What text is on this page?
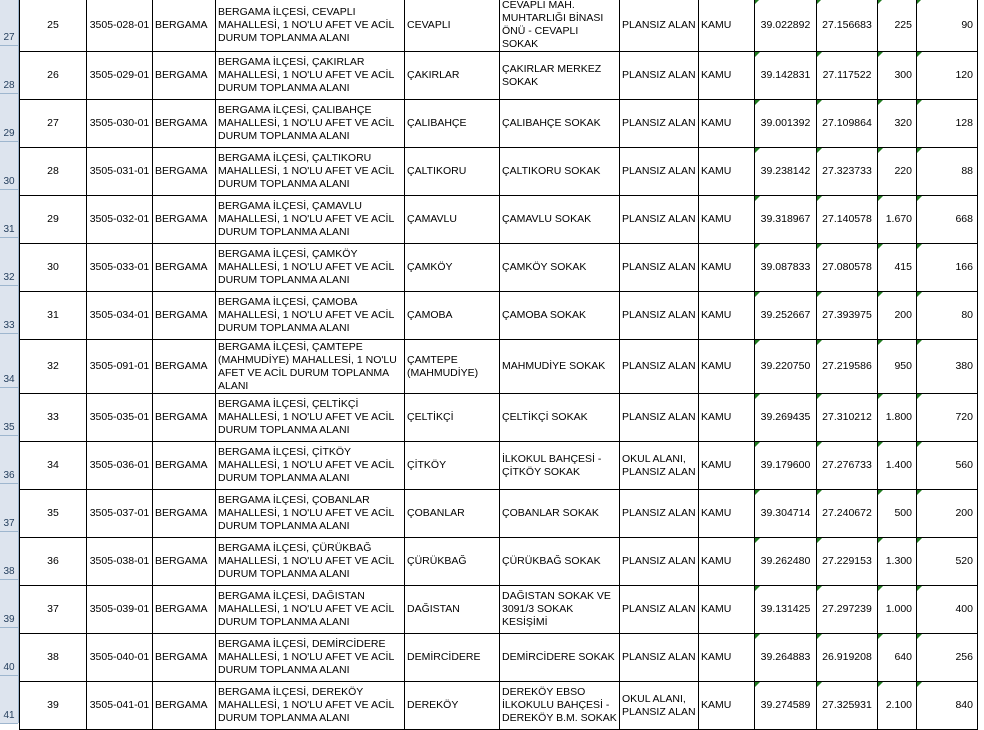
27
28
29
30
31
32
33
34
35
36
37
38
39
40
41
25	3505-028-01	BERGAMA	BERGAMA İLÇESİ, CEVAPLI MAHALLESİ, 1 NO'LU AFET VE ACİL DURUM TOPLANMA ALANI	CEVAPLI	CEVAPLI MAH. MUHTARLIĞI BİNASI ÖNÜ - CEVAPLI SOKAK	PLANSIZ ALAN	KAMU	39.022892	27.156683	225	90
26	3505-029-01	BERGAMA	BERGAMA İLÇESİ, ÇAKIRLAR MAHALLESİ, 1 NO'LU AFET VE ACİL DURUM TOPLANMA ALANI	ÇAKIRLAR	ÇAKIRLAR MERKEZ SOKAK	PLANSIZ ALAN	KAMU	39.142831	27.117522	300	120
27	3505-030-01	BERGAMA	BERGAMA İLÇESİ, ÇALIBAHÇE MAHALLESİ, 1 NO'LU AFET VE ACİL DURUM TOPLANMA ALANI	ÇALIBAHÇE	ÇALIBAHÇE SOKAK	PLANSIZ ALAN	KAMU	39.001392	27.109864	320	128
28	3505-031-01	BERGAMA	BERGAMA İLÇESİ, ÇALTIKORU MAHALLESİ, 1 NO'LU AFET VE ACİL DURUM TOPLANMA ALANI	ÇALTIKORU	ÇALTIKORU SOKAK	PLANSIZ ALAN	KAMU	39.238142	27.323733	220	88
29	3505-032-01	BERGAMA	BERGAMA İLÇESİ, ÇAMAVLU MAHALLESİ, 1 NO'LU AFET VE ACİL DURUM TOPLANMA ALANI	ÇAMAVLU	ÇAMAVLU SOKAK	PLANSIZ ALAN	KAMU	39.318967	27.140578	1.670	668
30	3505-033-01	BERGAMA	BERGAMA İLÇESİ, ÇAMKÖY MAHALLESİ, 1 NO'LU AFET VE ACİL DURUM TOPLANMA ALANI	ÇAMKÖY	ÇAMKÖY SOKAK	PLANSIZ ALAN	KAMU	39.087833	27.080578	415	166
31	3505-034-01	BERGAMA	BERGAMA İLÇESİ, ÇAMOBA MAHALLESİ, 1 NO'LU AFET VE ACİL DURUM TOPLANMA ALANI	ÇAMOBA	ÇAMOBA SOKAK	PLANSIZ ALAN	KAMU	39.252667	27.393975	200	80
32	3505-091-01	BERGAMA	BERGAMA İLÇESİ, ÇAMTEPE (MAHMUDİYE) MAHALLESİ, 1 NO'LU AFET VE ACİL DURUM TOPLANMA ALANI	ÇAMTEPE (MAHMUDİYE)	MAHMUDİYE SOKAK	PLANSIZ ALAN	KAMU	39.220750	27.219586	950	380
33	3505-035-01	BERGAMA	BERGAMA İLÇESİ, ÇELTİKÇİ MAHALLESİ, 1 NO'LU AFET VE ACİL DURUM TOPLANMA ALANI	ÇELTİKÇİ	ÇELTİKÇİ SOKAK	PLANSIZ ALAN	KAMU	39.269435	27.310212	1.800	720
34	3505-036-01	BERGAMA	BERGAMA İLÇESİ, ÇİTKÖY MAHALLESİ, 1 NO'LU AFET VE ACİL DURUM TOPLANMA ALANI	ÇİTKÖY	İLKOKUL BAHÇESİ - ÇİTKÖY SOKAK	OKUL ALANI, PLANSIZ ALAN	KAMU	39.179600	27.276733	1.400	560
35	3505-037-01	BERGAMA	BERGAMA İLÇESİ, ÇOBANLAR MAHALLESİ, 1 NO'LU AFET VE ACİL DURUM TOPLANMA ALANI	ÇOBANLAR	ÇOBANLAR SOKAK	PLANSIZ ALAN	KAMU	39.304714	27.240672	500	200
36	3505-038-01	BERGAMA	BERGAMA İLÇESİ, ÇÜRÜKBAĞ MAHALLESİ, 1 NO'LU AFET VE ACİL DURUM TOPLANMA ALANI	ÇÜRÜKBAĞ	ÇÜRÜKBAĞ SOKAK	PLANSIZ ALAN	KAMU	39.262480	27.229153	1.300	520
37	3505-039-01	BERGAMA	BERGAMA İLÇESİ, DAĞISTAN MAHALLESİ, 1 NO'LU AFET VE ACİL DURUM TOPLANMA ALANI	DAĞISTAN	DAĞISTAN SOKAK VE 3091/3 SOKAK KESİŞİMİ	PLANSIZ ALAN	KAMU	39.131425	27.297239	1.000	400
38	3505-040-01	BERGAMA	BERGAMA İLÇESİ, DEMİRCİDERE MAHALLESİ, 1 NO'LU AFET VE ACİL DURUM TOPLANMA ALANI	DEMİRCİDERE	DEMİRCİDERE SOKAK	PLANSIZ ALAN	KAMU	39.264883	26.919208	640	256
39	3505-041-01	BERGAMA	BERGAMA İLÇESİ, DEREKÖY MAHALLESİ, 1 NO'LU AFET VE ACİL DURUM TOPLANMA ALANI	DEREKÖY	DEREKÖY EBSO İLKOKULU BAHÇESİ - DEREKÖY B.M. SOKAK	OKUL ALANI, PLANSIZ ALAN	KAMU	39.274589	27.325931	2.100	840
